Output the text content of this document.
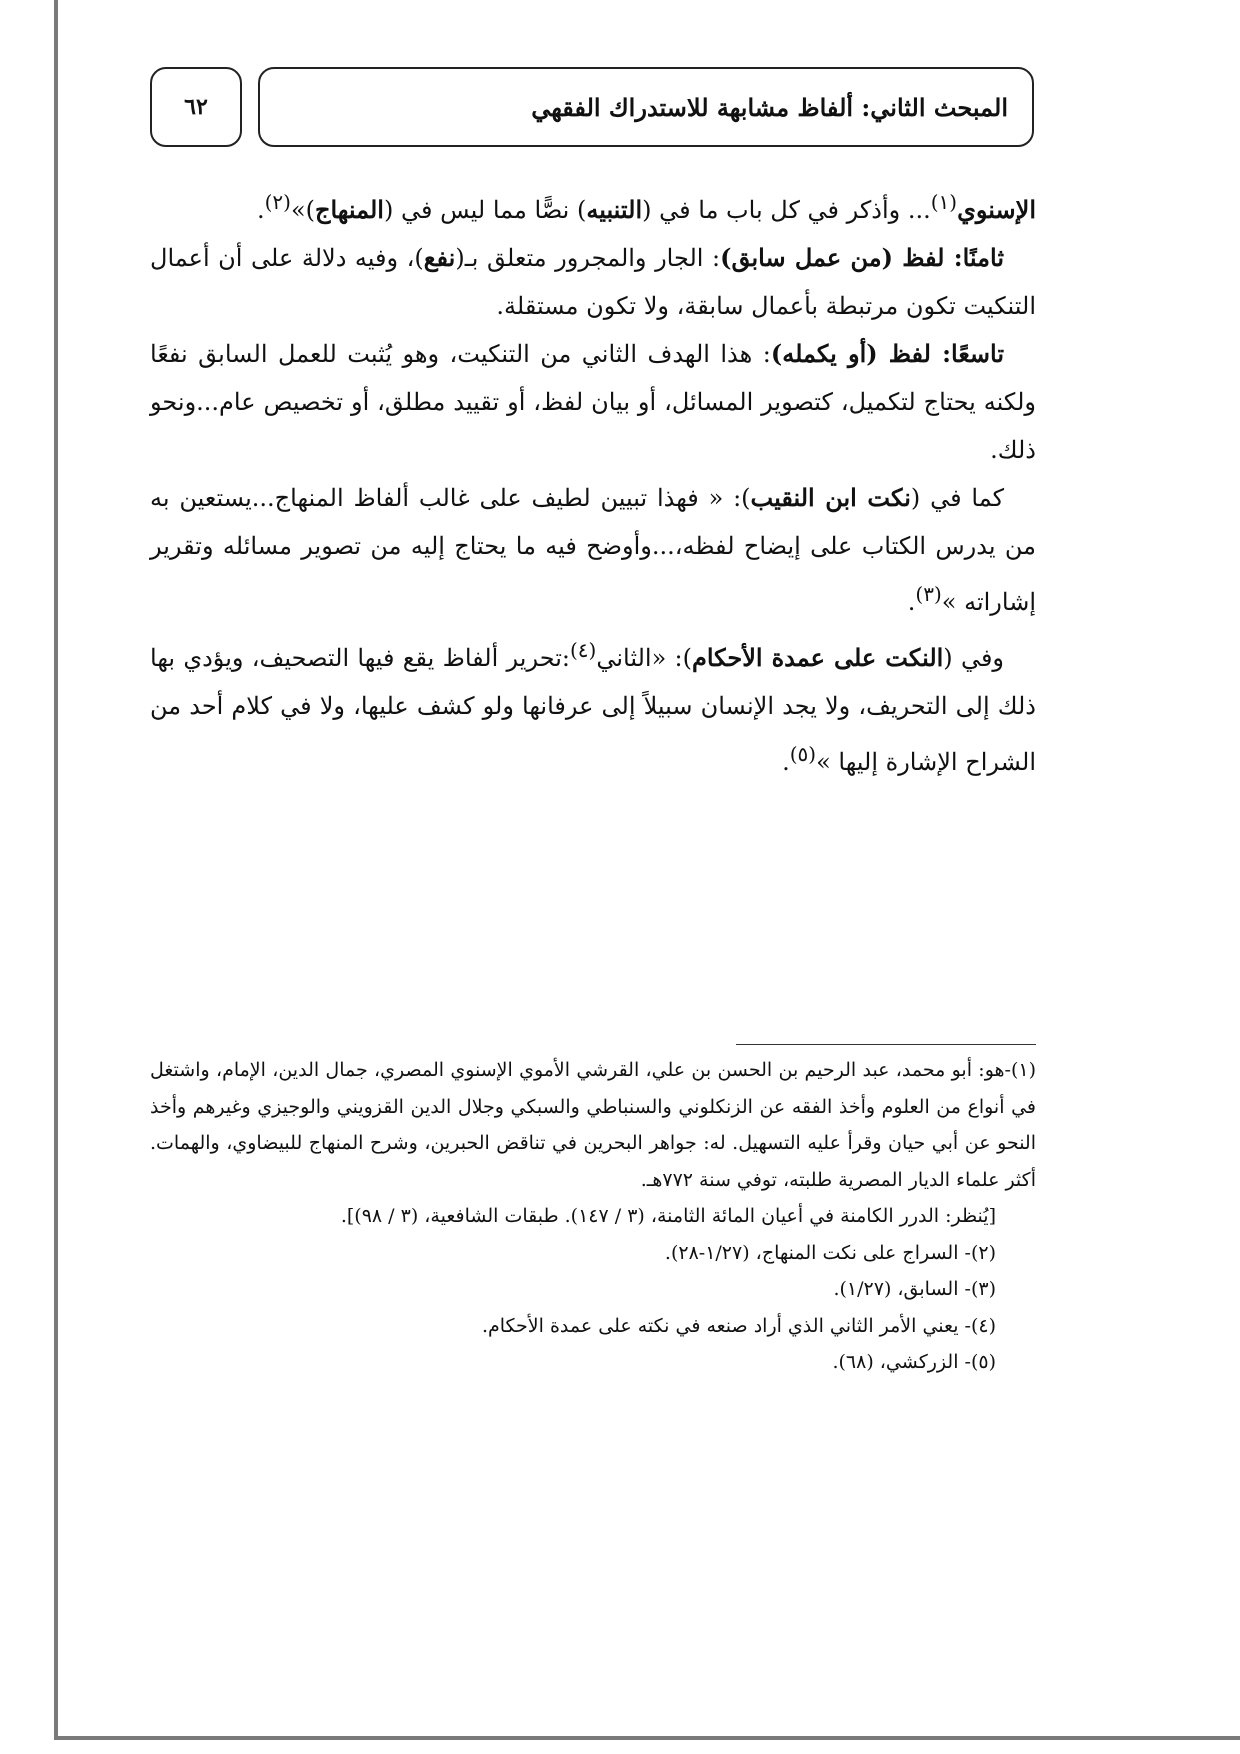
المبحث الثاني: ألفاظ مشابهة للاستدراك الفقهي
٦٢

الإسنوي$^{(١)}$... وأذكر في كل باب ما في (التنبيه) نصًّا مما ليس في (المنهاج)»$^{(٢)}$.

ثامنًا: لفظ (من عمل سابق): الجار والمجرور متعلق بـ(نفع)، وفيه دلالة على أن أعمال التنكيت تكون مرتبطة بأعمال سابقة، ولا تكون مستقلة.

تاسعًا: لفظ (أو يكمله): هذا الهدف الثاني من التنكيت، وهو يُثبت للعمل السابق نفعًا ولكنه يحتاج لتكميل، كتصوير المسائل، أو بيان لفظ، أو تقييد مطلق، أو تخصيص عام...ونحو ذلك.

كما في (نكت ابن النقيب): « فهذا تبيين لطيف على غالب ألفاظ المنهاج...يستعين به من يدرس الكتاب على إيضاح لفظه،...وأوضح فيه ما يحتاج إليه من تصوير مسائله وتقرير إشاراته »$^{(٣)}$.

وفي (النكت على عمدة الأحكام): «الثاني$^{(٤)}$:تحرير ألفاظ يقع فيها التصحيف، ويؤدي بها ذلك إلى التحريف، ولا يجد الإنسان سبيلاً إلى عرفانها ولو كشف عليها، ولا في كلام أحد من الشراح الإشارة إليها »$^{(٥)}$.

(١)-هو: أبو محمد، عبد الرحيم بن الحسن بن علي، القرشي الأموي الإسنوي المصري، جمال الدين، الإمام، واشتغل في أنواع من العلوم وأخذ الفقه عن الزنكلوني والسنباطي والسبكي وجلال الدين القزويني والوجيزي وغيرهم وأخذ النحو عن أبي حيان وقرأ عليه التسهيل. له: جواهر البحرين في تناقض الحبرين، وشرح المنهاج للبيضاوي، والهمات. أكثر علماء الديار المصرية طلبته، توفي سنة ٧٧٢هـ.

[يُنظر: الدرر الكامنة في أعيان المائة الثامنة، (٣ / ١٤٧). طبقات الشافعية، (٣ / ٩٨)].

(٢)- السراج على نكت المنهاج، (١/٢٧-٢٨).

(٣)- السابق، (١/٢٧).

(٤)- يعني الأمر الثاني الذي أراد صنعه في نكته على عمدة الأحكام.

(٥)- الزركشي، (٦٨).
